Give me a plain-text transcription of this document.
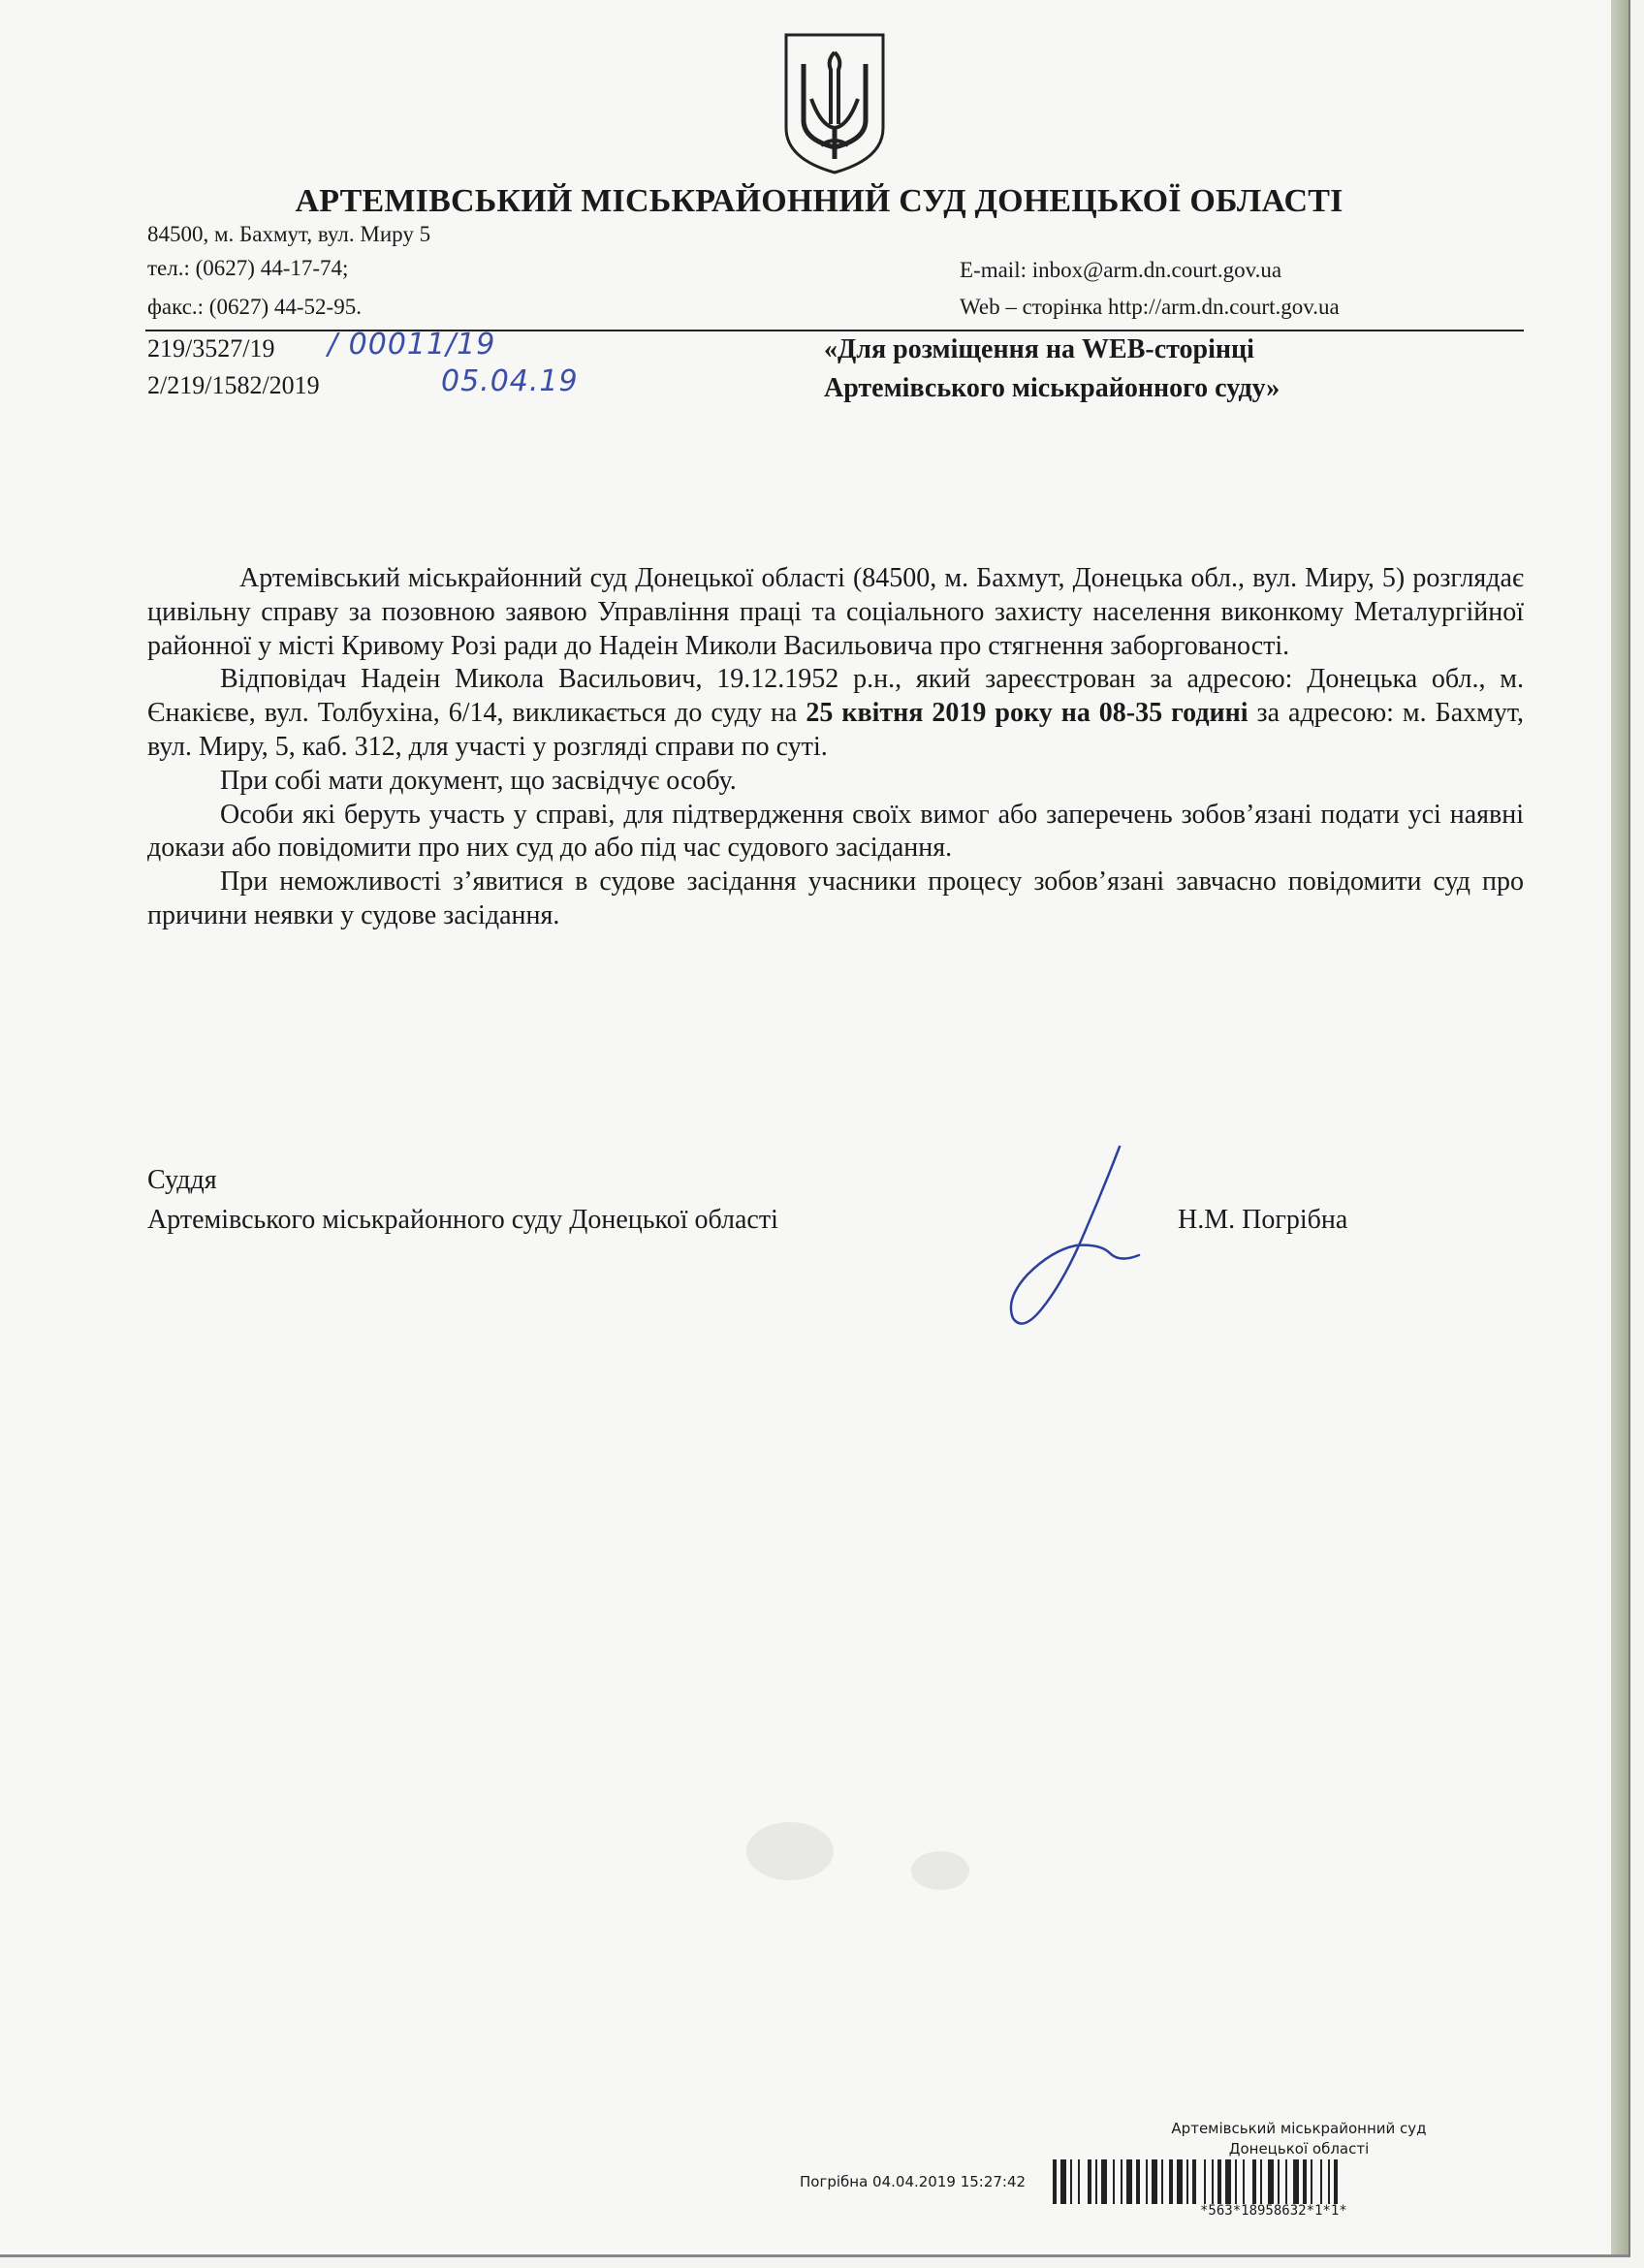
АРТЕМІВСЬКИЙ МІСЬКРАЙОННИЙ СУД ДОНЕЦЬКОЇ ОБЛАСТІ
84500, м. Бахмут, вул. Миру 5
тел.: (0627) 44-17-74;
факс.: (0627) 44-52-95.
E-mail: inbox@arm.dn.court.gov.ua
Web – сторінка http://arm.dn.court.gov.ua
219/3527/19
2/219/1582/2019
/ 00011/19
05.04.19
«Для розміщення на WEB-сторінці
Артемівського міськрайонного суду»

Артемівський міськрайонний суд Донецької області (84500, м. Бахмут, Донецька обл., вул. Миру, 5) розглядає цивільну справу за позовною заявою Управління праці та соціального захисту населення виконкому Металургійної районної у місті Кривому Розі ради до Надеін Миколи Васильовича про стягнення заборгованості.

Відповідач Надеін Микола Васильович, 19.12.1952 р.н., який зареєстрован за адресою: Донецька обл., м. Єнакієве, вул. Толбухіна, 6/14, викликається до суду на 25 квітня 2019 року на 08-35 годині за адресою: м. Бахмут, вул. Миру, 5, каб. 312, для участі у розгляді справи по суті.

При собі мати документ, що засвідчує особу.

Особи які беруть участь у справі, для підтвердження своїх вимог або заперечень зобов’язані подати усі наявні докази або повідомити про них суд до або під час судового засідання.

При неможливості з’явитися в судове засідання учасники процесу зобов’язані завчасно повідомити суд про причини неявки у судове засідання.

Суддя
Артемівського міськрайонного суду Донецької області	Н.М. Погрібна
Артемівський міськрайонний суд
Донецької області
Погрібна 04.04.2019 15:27:42
*563*18958632*1*1*
